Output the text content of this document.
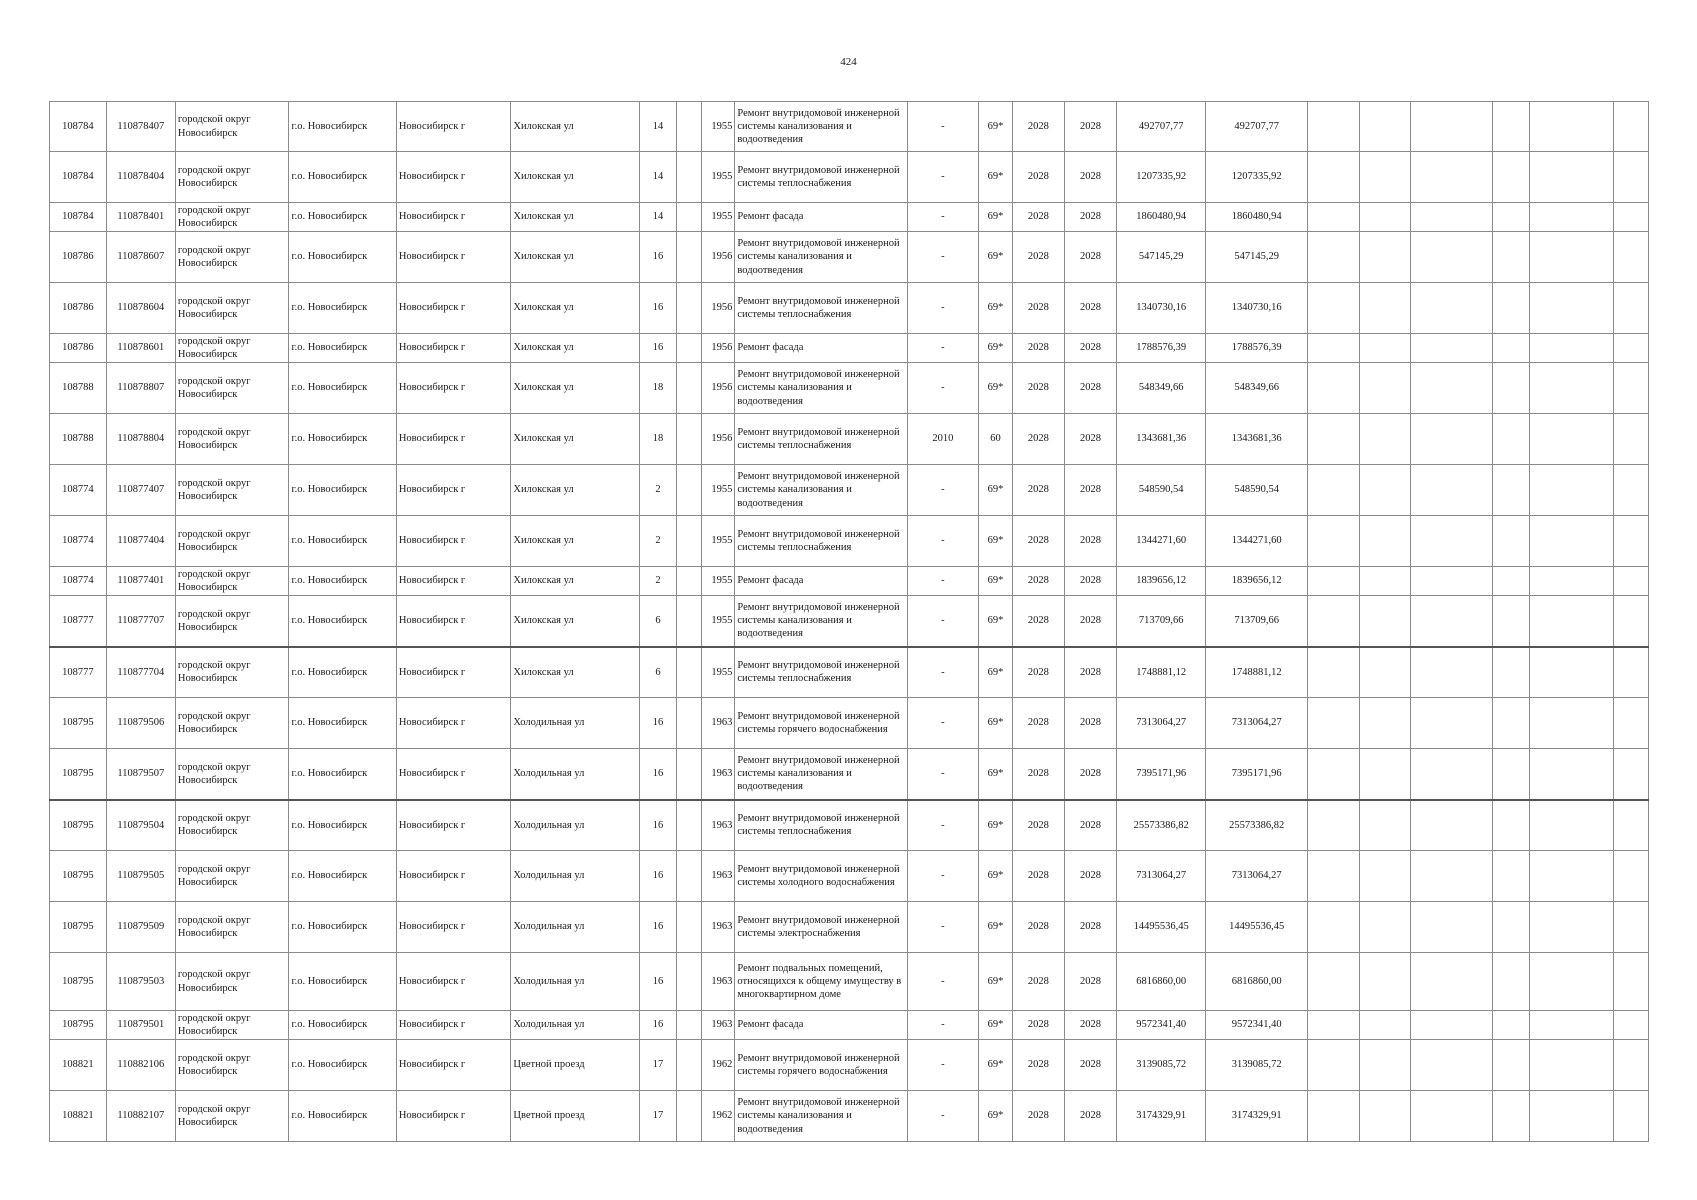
424
108784	110878407	городской округ Новосибирск	г.о. Новосибирск	Новосибирск г	Хилокская ул	14		1955	Ремонт внутридомовой инженерной системы канализования и водоотведения	-	69*	2028	2028	492707,77	492707,77						
108784	110878404	городской округ Новосибирск	г.о. Новосибирск	Новосибирск г	Хилокская ул	14		1955	Ремонт внутридомовой инженерной системы теплоснабжения	-	69*	2028	2028	1207335,92	1207335,92						
108784	110878401	городской округ Новосибирск	г.о. Новосибирск	Новосибирск г	Хилокская ул	14		1955	Ремонт фасада	-	69*	2028	2028	1860480,94	1860480,94						
108786	110878607	городской округ Новосибирск	г.о. Новосибирск	Новосибирск г	Хилокская ул	16		1956	Ремонт внутридомовой инженерной системы канализования и водоотведения	-	69*	2028	2028	547145,29	547145,29						
108786	110878604	городской округ Новосибирск	г.о. Новосибирск	Новосибирск г	Хилокская ул	16		1956	Ремонт внутридомовой инженерной системы теплоснабжения	-	69*	2028	2028	1340730,16	1340730,16						
108786	110878601	городской округ Новосибирск	г.о. Новосибирск	Новосибирск г	Хилокская ул	16		1956	Ремонт фасада	-	69*	2028	2028	1788576,39	1788576,39						
108788	110878807	городской округ Новосибирск	г.о. Новосибирск	Новосибирск г	Хилокская ул	18		1956	Ремонт внутридомовой инженерной системы канализования и водоотведения	-	69*	2028	2028	548349,66	548349,66						
108788	110878804	городской округ Новосибирск	г.о. Новосибирск	Новосибирск г	Хилокская ул	18		1956	Ремонт внутридомовой инженерной системы теплоснабжения	2010	60	2028	2028	1343681,36	1343681,36						
108774	110877407	городской округ Новосибирск	г.о. Новосибирск	Новосибирск г	Хилокская ул	2		1955	Ремонт внутридомовой инженерной системы канализования и водоотведения	-	69*	2028	2028	548590,54	548590,54						
108774	110877404	городской округ Новосибирск	г.о. Новосибирск	Новосибирск г	Хилокская ул	2		1955	Ремонт внутридомовой инженерной системы теплоснабжения	-	69*	2028	2028	1344271,60	1344271,60						
108774	110877401	городской округ Новосибирск	г.о. Новосибирск	Новосибирск г	Хилокская ул	2		1955	Ремонт фасада	-	69*	2028	2028	1839656,12	1839656,12						
108777	110877707	городской округ Новосибирск	г.о. Новосибирск	Новосибирск г	Хилокская ул	6		1955	Ремонт внутридомовой инженерной системы канализования и водоотведения	-	69*	2028	2028	713709,66	713709,66						
108777	110877704	городской округ Новосибирск	г.о. Новосибирск	Новосибирск г	Хилокская ул	6		1955	Ремонт внутридомовой инженерной системы теплоснабжения	-	69*	2028	2028	1748881,12	1748881,12						
108795	110879506	городской округ Новосибирск	г.о. Новосибирск	Новосибирск г	Холодильная ул	16		1963	Ремонт внутридомовой инженерной системы горячего водоснабжения	-	69*	2028	2028	7313064,27	7313064,27						
108795	110879507	городской округ Новосибирск	г.о. Новосибирск	Новосибирск г	Холодильная ул	16		1963	Ремонт внутридомовой инженерной системы канализования и водоотведения	-	69*	2028	2028	7395171,96	7395171,96						
108795	110879504	городской округ Новосибирск	г.о. Новосибирск	Новосибирск г	Холодильная ул	16		1963	Ремонт внутридомовой инженерной системы теплоснабжения	-	69*	2028	2028	25573386,82	25573386,82						
108795	110879505	городской округ Новосибирск	г.о. Новосибирск	Новосибирск г	Холодильная ул	16		1963	Ремонт внутридомовой инженерной системы холодного водоснабжения	-	69*	2028	2028	7313064,27	7313064,27						
108795	110879509	городской округ Новосибирск	г.о. Новосибирск	Новосибирск г	Холодильная ул	16		1963	Ремонт внутридомовой инженерной системы электроснабжения	-	69*	2028	2028	14495536,45	14495536,45						
108795	110879503	городской округ Новосибирск	г.о. Новосибирск	Новосибирск г	Холодильная ул	16		1963	Ремонт подвальных помещений, относящихся к общему имуществу в многоквартирном доме	-	69*	2028	2028	6816860,00	6816860,00						
108795	110879501	городской округ Новосибирск	г.о. Новосибирск	Новосибирск г	Холодильная ул	16		1963	Ремонт фасада	-	69*	2028	2028	9572341,40	9572341,40						
108821	110882106	городской округ Новосибирск	г.о. Новосибирск	Новосибирск г	Цветной проезд	17		1962	Ремонт внутридомовой инженерной системы горячего водоснабжения	-	69*	2028	2028	3139085,72	3139085,72						
108821	110882107	городской округ Новосибирск	г.о. Новосибирск	Новосибирск г	Цветной проезд	17		1962	Ремонт внутридомовой инженерной системы канализования и водоотведения	-	69*	2028	2028	3174329,91	3174329,91						
